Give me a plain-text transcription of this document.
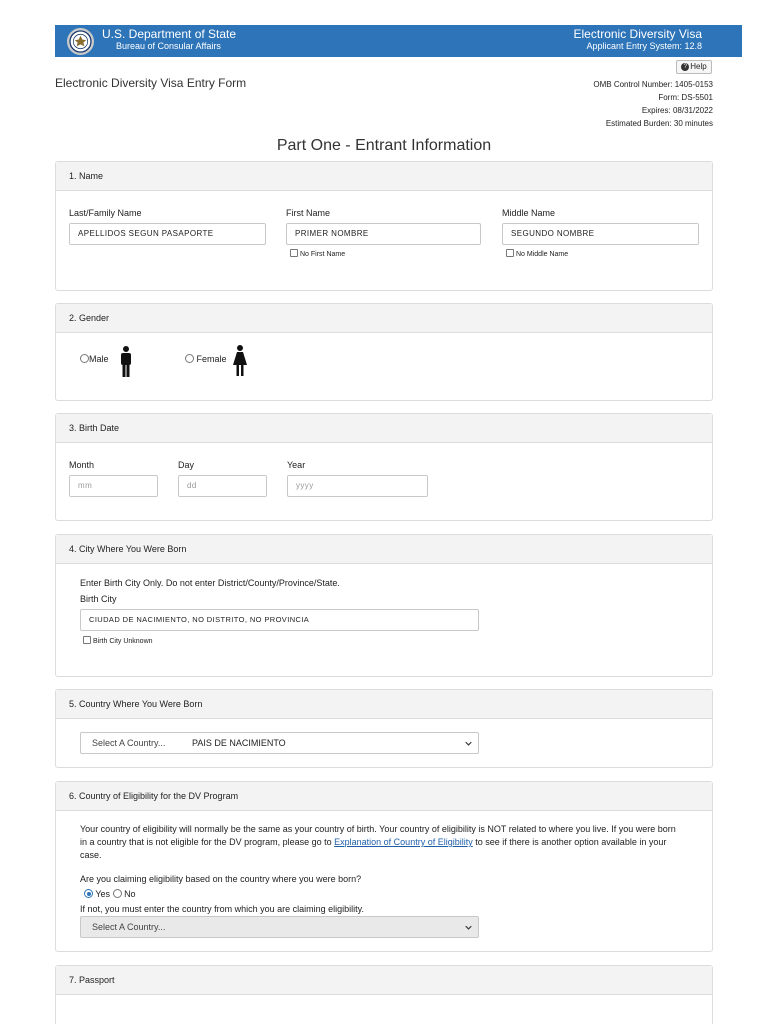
U.S. Department of State
Bureau of Consular Affairs
Electronic Diversity Visa
Applicant Entry System: 12.8
? Help
Electronic Diversity Visa Entry Form	OMB Control Number: 1405-0153
Form: DS-5501
Expires: 08/31/2022
Estimated Burden: 30 minutes
Part One - Entrant Information
1. Name
Last/Family Name
APELLIDOS SEGUN PASAPORTE
First Name
PRIMER NOMBRE
No First Name
Middle Name
SEGUNDO NOMBRE
No Middle Name
2. Gender
Male	Female
3. Birth Date
Month
mm
Day
dd
Year
yyyy
4. City Where You Were Born
Enter Birth City Only. Do not enter District/County/Province/State.
Birth City
CIUDAD DE NACIMIENTO, NO DISTRITO, NO PROVINCIA
Birth City Unknown
5. Country Where You Were Born
Select A Country...	PAIS DE NACIMIENTO
6. Country of Eligibility for the DV Program
Your country of eligibility will normally be the same as your country of birth. Your country of eligibility is NOT related to where you live. If you were born in a country that is not eligible for the DV program, please go to Explanation of Country of Eligibility to see if there is another option available in your case.
Are you claiming eligibility based on the country where you were born?
Yes No
If not, you must enter the country from which you are claiming eligibility.
Select A Country...
7. Passport
